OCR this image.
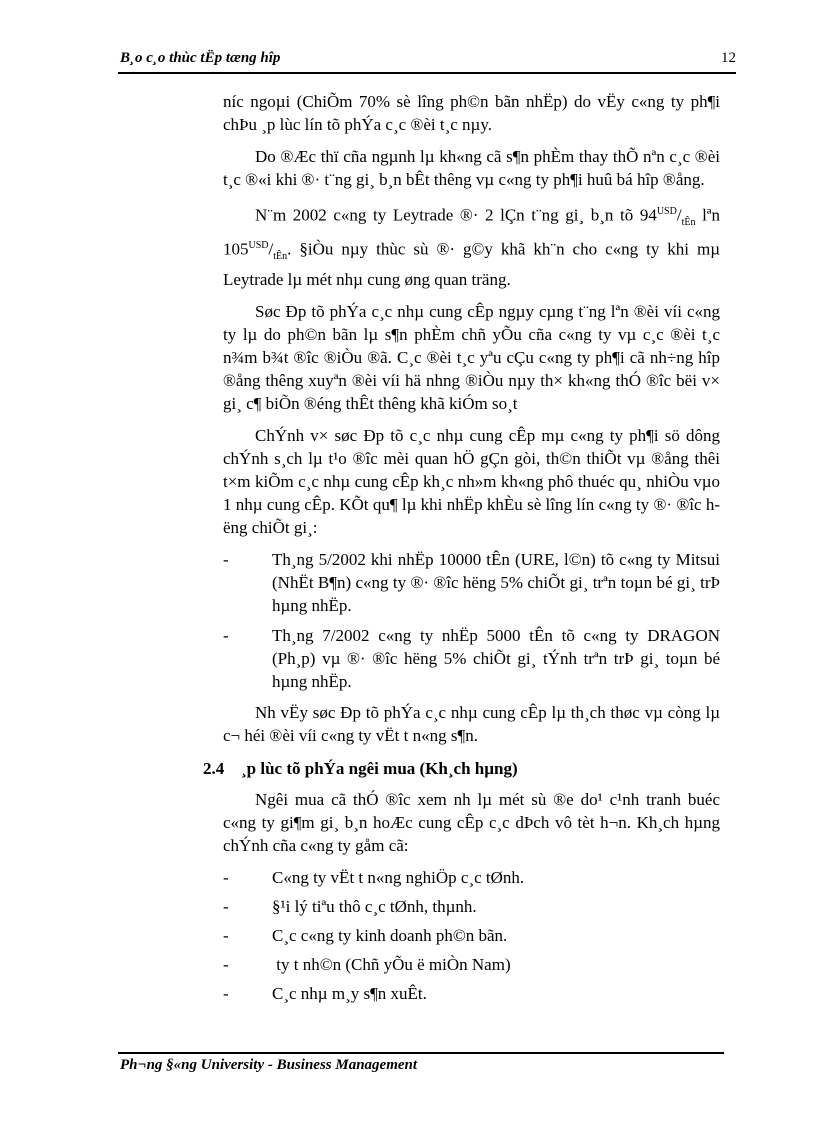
B¸o c¸o thùc tËp tæng hîp	12

níc ngoµi (ChiÕm 70% sè lîng ph©n bãn nhËp) do vËy c«ng ty ph¶i chÞu ¸p lùc lín tõ phÝa c¸c ®èi t¸c nµy.

Do ®Æc thï cña ngµnh lµ kh«ng cã s¶n phÈm thay thÕ nªn c¸c ®èi t¸c ®«i khi ®· t¨ng gi¸ b¸n bÊt thêng vµ c«ng ty ph¶i huû bá hîp ®ång.

N¨m 2002 c«ng ty Leytrade ®· 2 lÇn t¨ng gi¸ b¸n tõ $94^{USD}/_{tÊn}$ lªn $105^{USD}/_{tÊn}$. §iÒu nµy thùc sù ®· g©y khã kh¨n cho c«ng ty khi mµ Leytrade lµ mét nhµ cung øng quan träng.

Søc Ðp tõ phÝa c¸c nhµ cung cÊp ngµy cµng t¨ng lªn ®èi víi c«ng ty lµ do ph©n bãn lµ s¶n phÈm chñ yÕu cña c«ng ty vµ c¸c ®èi t¸c n¾m b¾t ®îc ®iÒu ®ã. C¸c ®èi t¸c yªu cÇu c«ng ty ph¶i cã nh÷ng hîp ®ång thêng xuyªn ®èi víi hä nhng ®iÒu nµy th× kh«ng thÓ ®îc bëi v× gi¸ c¶ biÕn ®éng thÊt thêng khã kiÓm so¸t

ChÝnh v× søc Ðp tõ c¸c nhµ cung cÊp mµ c«ng ty ph¶i sö dông chÝnh s¸ch lµ t¹o ®îc mèi quan hÖ gÇn gòi, th©n thiÕt vµ ®ång thêi t×m kiÕm c¸c nhµ cung cÊp kh¸c nh»m kh«ng phô thuéc qu¸ nhiÒu vµo 1 nhµ cung cÊp. KÕt qu¶ lµ khi nhËp khÈu sè lîng lín c«ng ty ®· ®îc hëng chiÕt gi¸:

-	Th¸ng 5/2002 khi nhËp 10000 tÊn (URE, l©n) tõ c«ng ty Mitsui (NhËt B¶n) c«ng ty ®· ®îc hëng 5% chiÕt gi¸ trªn toµn bé gi¸ trÞ hµng nhËp.
-	Th¸ng 7/2002 c«ng ty nhËp 5000 tÊn tõ c«ng ty DRAGON (Ph¸p) vµ ®· ®îc hëng 5% chiÕt gi¸ tÝnh trªn trÞ gi¸ toµn bé hµng nhËp.

Nh vËy søc Ðp tõ phÝa c¸c nhµ cung cÊp lµ th¸ch thøc vµ còng lµ c¬ héi ®èi víi c«ng ty vËt t n«ng s¶n.

2.4 ¸p lùc tõ phÝa ngêi mua (Kh¸ch hµng)

Ngêi mua cã thÓ ®îc xem nh lµ mét sù ®e do¹ c¹nh tranh buéc c«ng ty gi¶m gi¸ b¸n hoÆc cung cÊp c¸c dÞch vô tèt h¬n. Kh¸ch hµng chÝnh cña c«ng ty gåm cã:

-	C«ng ty vËt t n«ng nghiÖp c¸c tØnh.
-	§¹i lý tiªu thô c¸c tØnh, thµnh.
-	C¸c c«ng ty kinh doanh ph©n bãn.
-	ty t nh©n (Chñ yÕu ë miÒn Nam)
-	C¸c nhµ m¸y s¶n xuÊt.
Ph¬ng §«ng University - Business Management
